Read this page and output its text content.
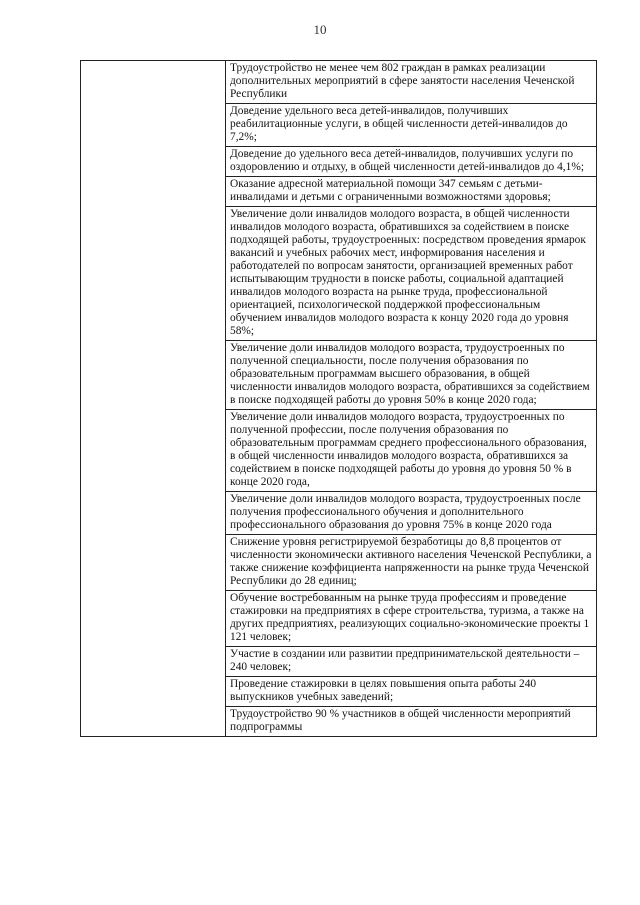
10
	Трудоустройство не менее чем 802 граждан в рамках реализации дополнительных мероприятий в сфере занятости населения Чеченской Республики
Доведение удельного веса детей-инвалидов, получивших реабилитационные услуги, в общей численности детей-инвалидов до 7,2%;
Доведение до удельного веса детей-инвалидов, получивших услуги по оздоровлению и отдыху, в общей численности детей-инвалидов до 4,1%;
Оказание адресной материальной помощи 347 семьям с детьми-инвалидами и детьми с ограниченными возможностями здоровья;
Увеличение доли инвалидов молодого возраста, в общей численности инвалидов молодого возраста, обратившихся за содействием в поиске подходящей работы, трудоустроенных: посредством проведения ярмарок вакансий и учебных рабочих мест, информирования населения и работодателей по вопросам занятости, организацией временных работ испытывающим трудности в поиске работы, социальной адаптацией инвалидов молодого возраста на рынке труда, профессиональной ориентацией, психологической поддержкой профессиональным обучением инвалидов молодого возраста к концу 2020 года до уровня 58%;
Увеличение доли инвалидов молодого возраста, трудоустроенных по полученной специальности, после получения образования по образовательным программам высшего образования, в общей численности инвалидов молодого возраста, обратившихся за содействием в поиске подходящей работы до уровня 50% в конце 2020 года;
Увеличение доли инвалидов молодого возраста, трудоустроенных по полученной профессии, после получения образования по образовательным программам среднего профессионального образования, в общей численности инвалидов молодого возраста, обратившихся за содействием в поиске подходящей работы до уровня до уровня 50 % в конце 2020 года,
Увеличение доли инвалидов молодого возраста, трудоустроенных после получения профессионального обучения и дополнительного профессионального образования до уровня 75% в конце 2020 года
Снижение уровня регистрируемой безработицы до 8,8 процентов от численности экономически активного населения Чеченской Республики, а также снижение коэффициента напряженности на рынке труда Чеченской Республики до 28 единиц;
Обучение востребованным на рынке труда профессиям и проведение стажировки на предприятиях в сфере строительства, туризма, а также на других предприятиях, реализующих социально-экономические проекты 1 121 человек;
Участие в создании или развитии предпринимательской деятельности – 240 человек;
Проведение стажировки в целях повышения опыта работы 240 выпускников учебных заведений;
Трудоустройство 90 % участников в общей численности мероприятий подпрограммы
